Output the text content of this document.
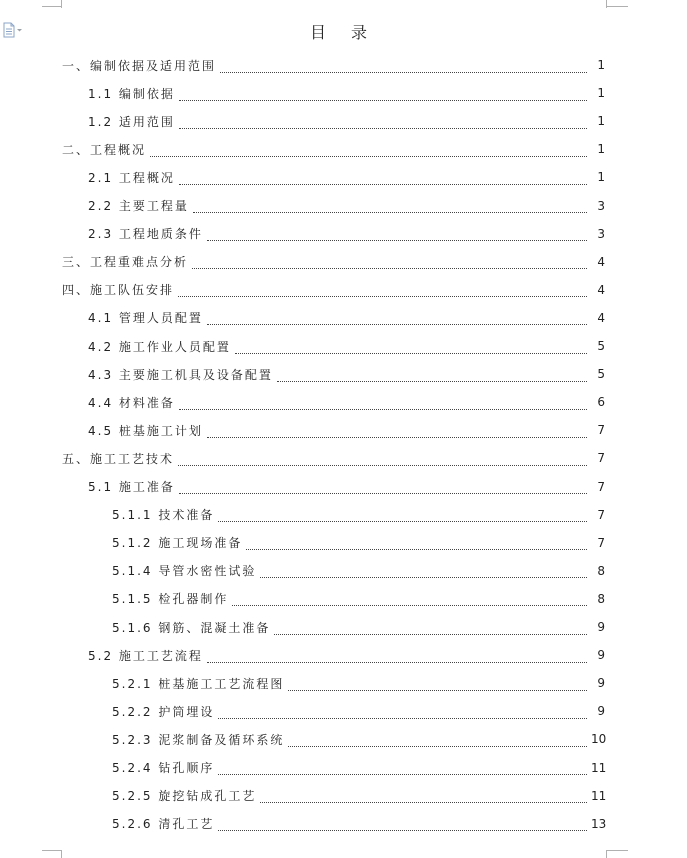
目 录
一、编制依据及适用范围	1
1.1 编制依据	1
1.2 适用范围	1
二、工程概况	1
2.1 工程概况	1
2.2 主要工程量	3
2.3 工程地质条件	3
三、工程重难点分析	4
四、施工队伍安排	4
4.1 管理人员配置	4
4.2 施工作业人员配置	5
4.3 主要施工机具及设备配置	5
4.4 材料准备	6
4.5 桩基施工计划	7
五、施工工艺技术	7
5.1 施工准备	7
5.1.1 技术准备	7
5.1.2 施工现场准备	7
5.1.4 导管水密性试验	8
5.1.5 检孔器制作	8
5.1.6 钢筋、混凝土准备	9
5.2 施工工艺流程	9
5.2.1 桩基施工工艺流程图	9
5.2.2 护筒埋设	9
5.2.3 泥浆制备及循环系统	10
5.2.4 钻孔顺序	11
5.2.5 旋挖钻成孔工艺	11
5.2.6 清孔工艺	13
